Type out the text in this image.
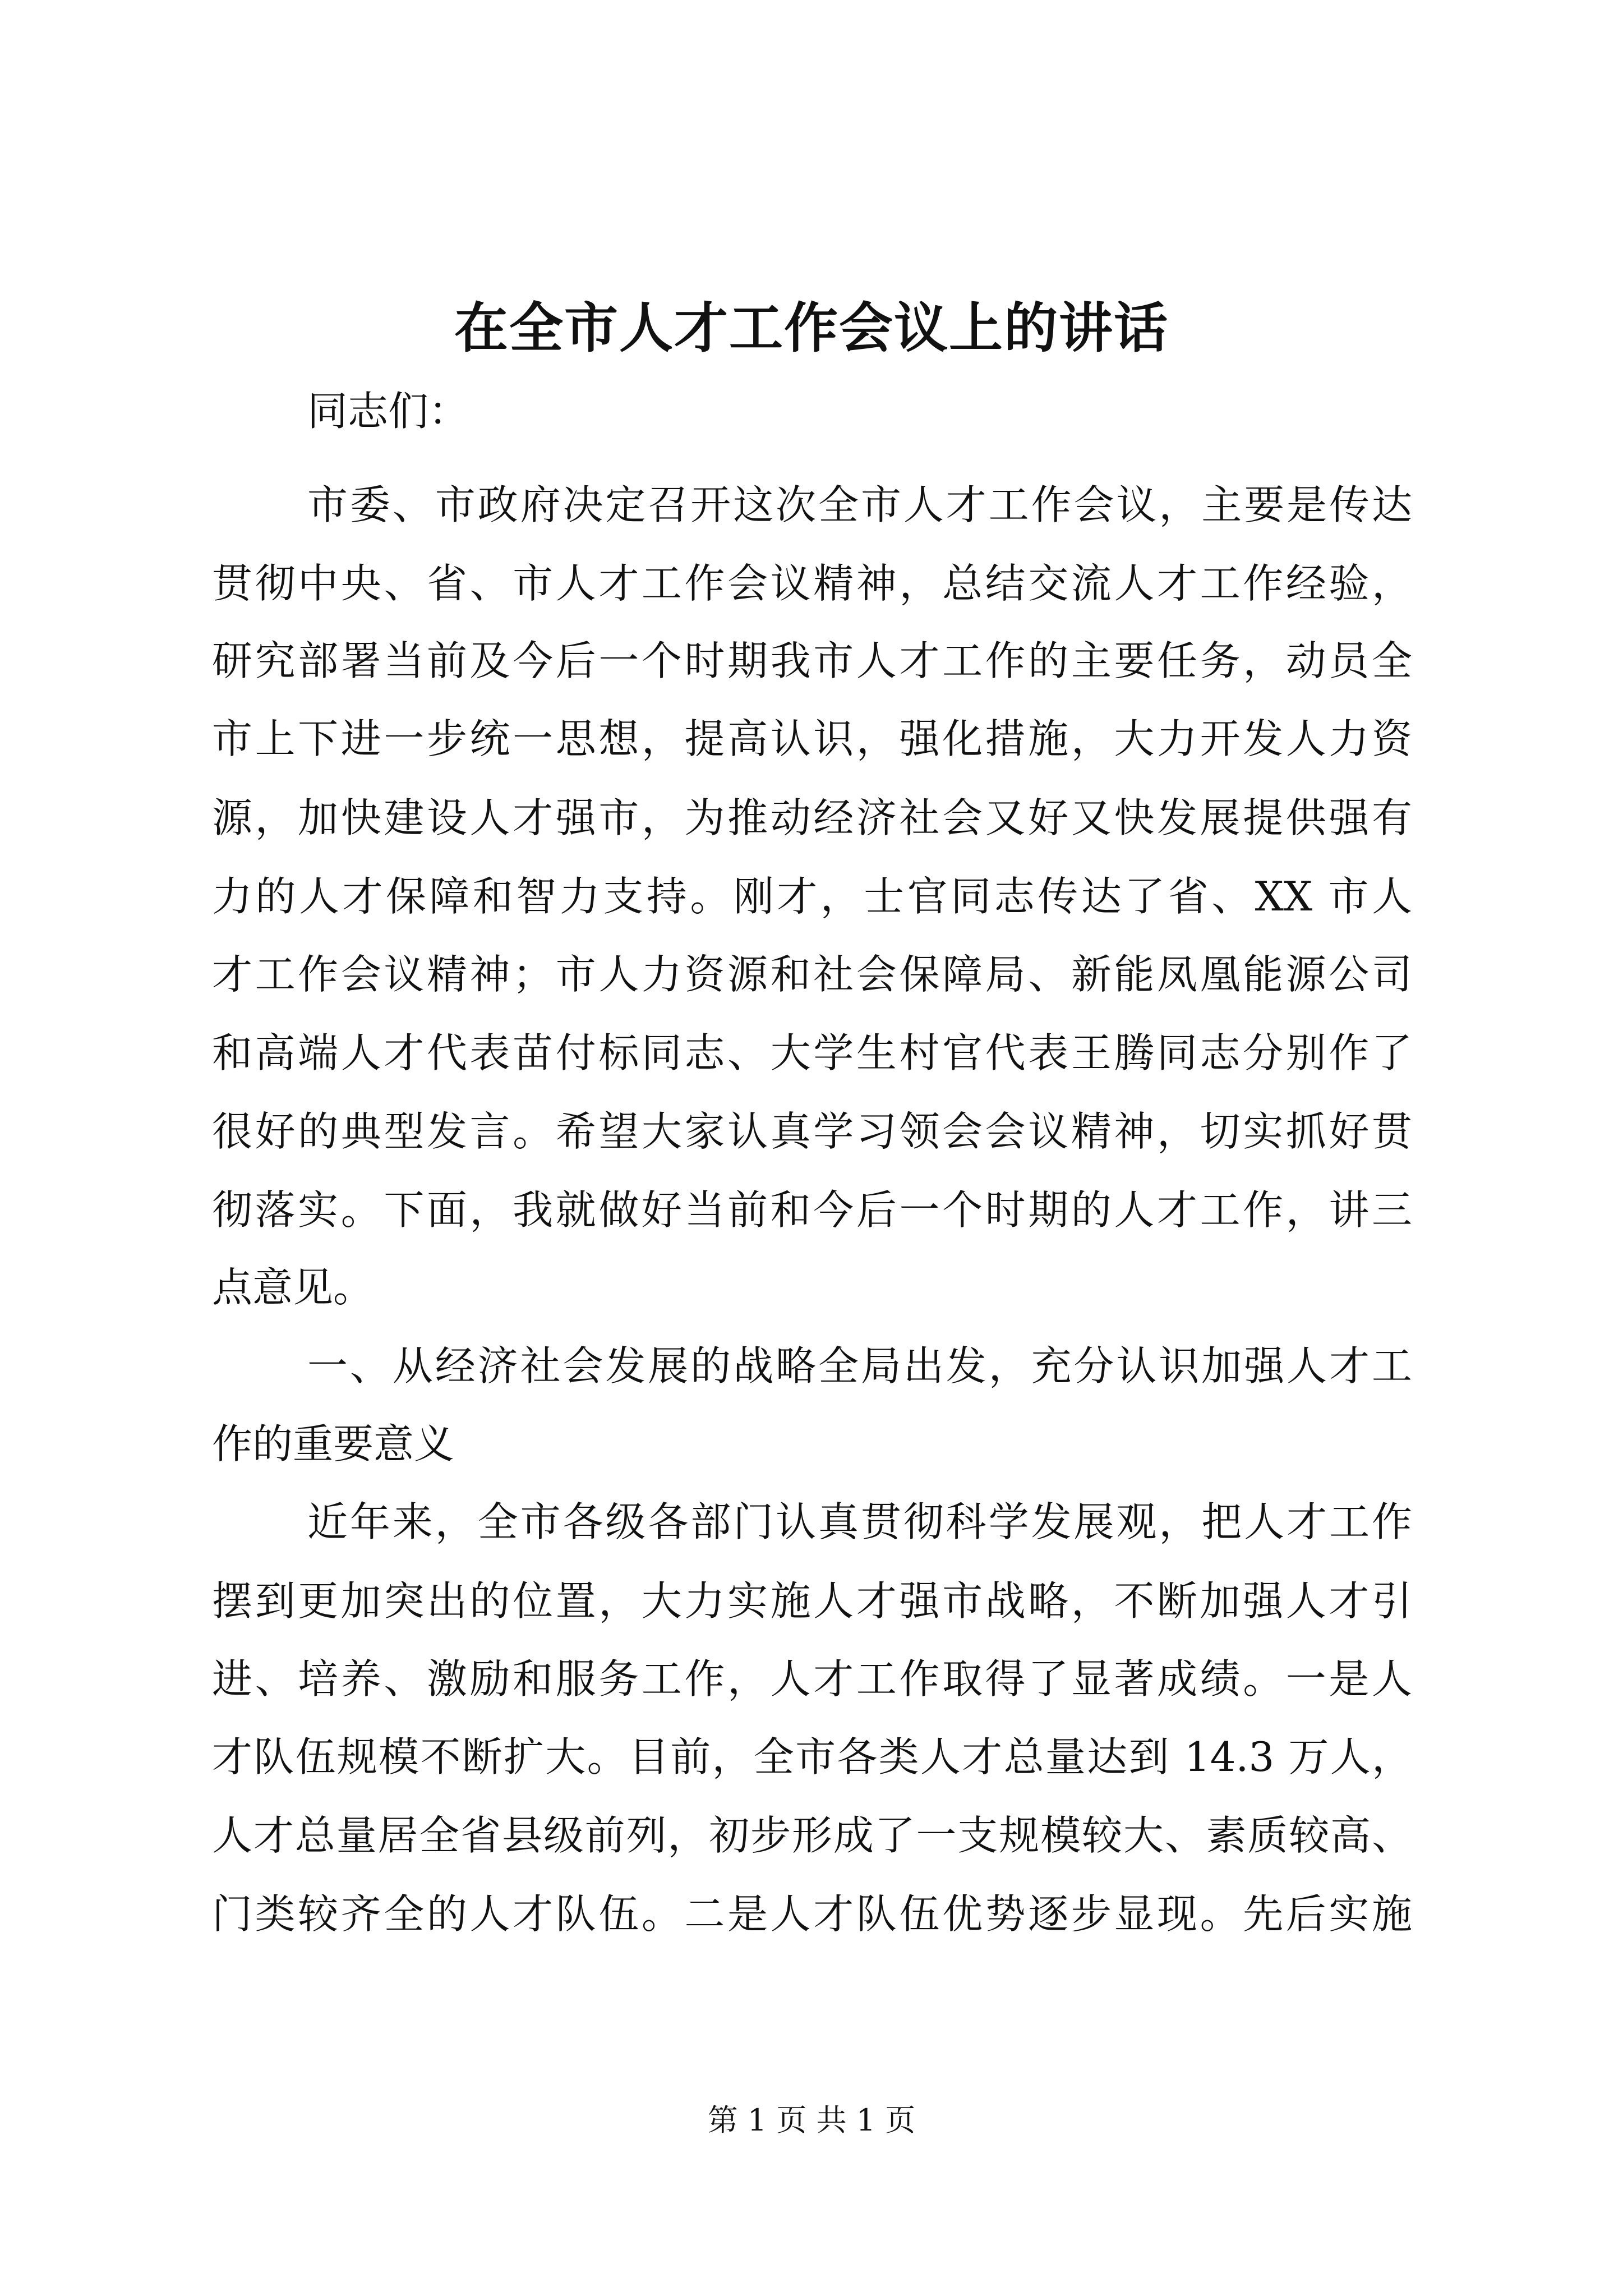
在全市人才工作会议上的讲话
同志们：
市委、市政府决定召开这次全市人才工作会议，主要是传达
贯彻中央、省、市人才工作会议精神，总结交流人才工作经验，
研究部署当前及今后一个时期我市人才工作的主要任务，动员全
市上下进一步统一思想，提高认识，强化措施，大力开发人力资
源，加快建设人才强市，为推动经济社会又好又快发展提供强有
力的人才保障和智力支持。刚才，士官同志传达了省、XX 市人
才工作会议精神；市人力资源和社会保障局、新能凤凰能源公司
和高端人才代表苗付标同志、大学生村官代表王腾同志分别作了
很好的典型发言。希望大家认真学习领会会议精神，切实抓好贯
彻落实。下面，我就做好当前和今后一个时期的人才工作，讲三
点意见。
一、从经济社会发展的战略全局出发，充分认识加强人才工
作的重要意义
近年来，全市各级各部门认真贯彻科学发展观，把人才工作
摆到更加突出的位置，大力实施人才强市战略，不断加强人才引
进、培养、激励和服务工作，人才工作取得了显著成绩。一是人
才队伍规模不断扩大。目前，全市各类人才总量达到 14.3 万人，
人才总量居全省县级前列，初步形成了一支规模较大、素质较高、
门类较齐全的人才队伍。二是人才队伍优势逐步显现。先后实施
第 1 页 共 1 页
